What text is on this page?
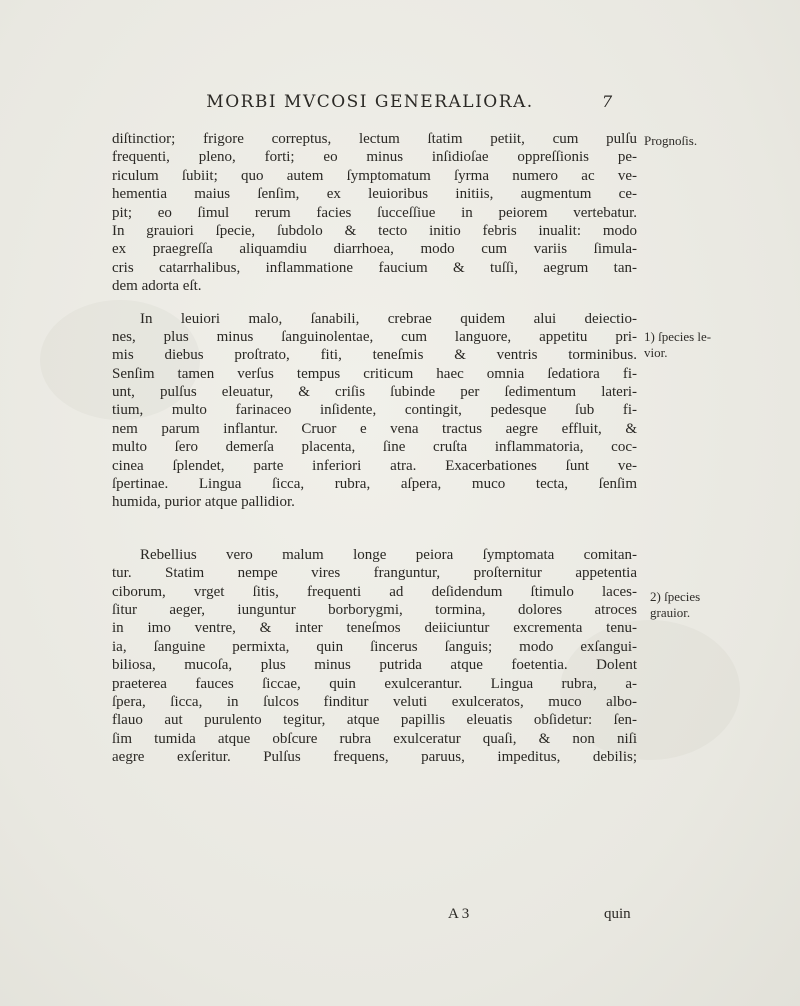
MORBI MVCOSI GENERALIORA.	7
diſtinctior; frigore correptus, lectum ſtatim petiit, cum pulſu
frequenti, pleno, forti; eo minus inſidioſae oppreſſionis pe-
riculum ſubiit; quo autem ſymptomatum ſyrma numero ac ve-
hementia maius ſenſim, ex leuioribus initiis, augmentum ce-
pit; eo ſimul rerum facies ſucceſſiue in peiorem vertebatur.
In grauiori ſpecie, ſubdolo & tecto initio febris inualit: modo
ex praegreſſa aliquamdiu diarrhoea, modo cum variis ſimula-
cris catarrhalibus, inflammatione faucium & tuſſi, aegrum tan-
dem adorta eſt.
In leuiori malo, ſanabili, crebrae quidem alui deiectio-
nes, plus minus ſanguinolentae, cum languore, appetitu pri-
mis diebus proſtrato, fiti, teneſmis & ventris torminibus.
Senſim tamen verſus tempus criticum haec omnia ſedatiora fi-
unt, pulſus eleuatur, & criſis ſubinde per ſedimentum lateri-
tium, multo farinaceo inſidente, contingit, pedesque ſub fi-
nem parum inflantur. Cruor e vena tractus aegre effluit, &
multo ſero demerſa placenta, ſine cruſta inflammatoria, coc-
cinea ſplendet, parte inferiori atra. Exacerbationes ſunt ve-
ſpertinae. Lingua ſicca, rubra, aſpera, muco tecta, ſenſim
humida, purior atque pallidior.
Rebellius vero malum longe peiora ſymptomata comitan-
tur. Statim nempe vires franguntur, proſternitur appetentia
ciborum, vrget ſitis, frequenti ad deſidendum ſtimulo laces-
ſitur aeger, iunguntur borborygmi, tormina, dolores atroces
in imo ventre, & inter teneſmos deiiciuntur excrementa tenu-
ia, ſanguine permixta, quin ſincerus ſanguis; modo exſangui-
biliosa, mucoſa, plus minus putrida atque foetentia. Dolent
praeterea fauces ſiccae, quin exulcerantur. Lingua rubra, a-
ſpera, ſicca, in ſulcos finditur veluti exulceratos, muco albo-
flauo aut purulento tegitur, atque papillis eleuatis obſidetur: ſen-
ſim tumida atque obſcure rubra exulceratur quaſi, & non niſi
aegre exſeritur. Pulſus frequens, paruus, impeditus, debilis;
Prognoſis.
1) ſpecies le-
vior.
2) ſpecies
grauior.
A 3	quin
